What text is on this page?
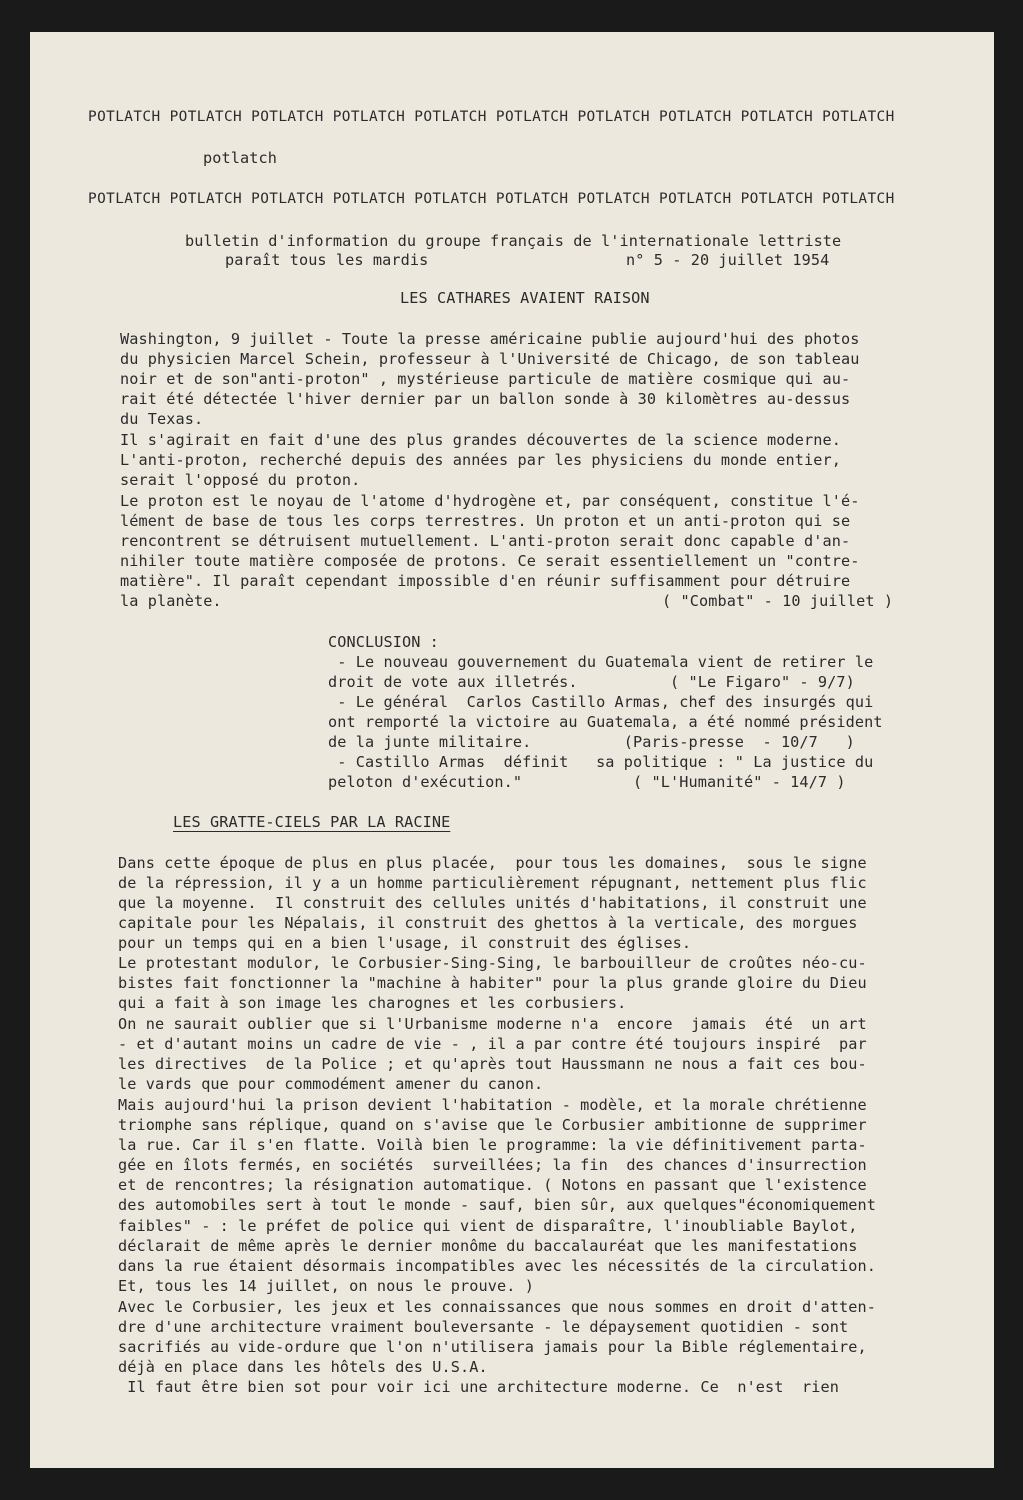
POTLATCH POTLATCH POTLATCH POTLATCH POTLATCH POTLATCH POTLATCH POTLATCH POTLATCH POTLATCH
potlatch
POTLATCH POTLATCH POTLATCH POTLATCH POTLATCH POTLATCH POTLATCH POTLATCH POTLATCH POTLATCH
bulletin d'information du groupe français de l'internationale lettriste
paraît tous les mardis	n° 5 - 20 juillet 1954
LES CATHARES AVAIENT RAISON
Washington, 9 juillet - Toute la presse américaine publie aujourd'hui des photos
du physicien Marcel Schein, professeur à l'Université de Chicago, de son tableau
noir et de son"anti-proton" , mystérieuse particule de matière cosmique qui au-
rait été détectée l'hiver dernier par un ballon sonde à 30 kilomètres au-dessus
du Texas.
Il s'agirait en fait d'une des plus grandes découvertes de la science moderne.
L'anti-proton, recherché depuis des années par les physiciens du monde entier,
serait l'opposé du proton.
Le proton est le noyau de l'atome d'hydrogène et, par conséquent, constitue l'é-
lément de base de tous les corps terrestres. Un proton et un anti-proton qui se
rencontrent se détruisent mutuellement. L'anti-proton serait donc capable d'an-
nihiler toute matière composée de protons. Ce serait essentiellement un "contre-
matière". Il paraît cependant impossible d'en réunir suffisamment pour détruire
la planète.	( "Combat" - 10 juillet )
CONCLUSION :
- Le nouveau gouvernement du Guatemala vient de retirer le
droit de vote aux illetrés.          ( "Le Figaro" - 9/7)
- Le général  Carlos Castillo Armas, chef des insurgés qui
ont remporté la victoire au Guatemala, a été nommé président
de la junte militaire.          (Paris-presse  - 10/7   )
- Castillo Armas  définit   sa politique : " La justice du
peloton d'exécution."            ( "L'Humanité" - 14/7 )
LES GRATTE-CIELS PAR LA RACINE
Dans cette époque de plus en plus placée,  pour tous les domaines,  sous le signe
de la répression, il y a un homme particulièrement répugnant, nettement plus flic
que la moyenne.  Il construit des cellules unités d'habitations, il construit une
capitale pour les Népalais, il construit des ghettos à la verticale, des morgues
pour un temps qui en a bien l'usage, il construit des églises.
Le protestant modulor, le Corbusier-Sing-Sing, le barbouilleur de croûtes néo-cu-
bistes fait fonctionner la "machine à habiter" pour la plus grande gloire du Dieu
qui a fait à son image les charognes et les corbusiers.
On ne saurait oublier que si l'Urbanisme moderne n'a  encore  jamais  été  un art
- et d'autant moins un cadre de vie - , il a par contre été toujours inspiré  par
les directives  de la Police ; et qu'après tout Haussmann ne nous a fait ces bou-
le vards que pour commodément amener du canon.
Mais aujourd'hui la prison devient l'habitation - modèle, et la morale chrétienne
triomphe sans réplique, quand on s'avise que le Corbusier ambitionne de supprimer
la rue. Car il s'en flatte. Voilà bien le programme: la vie définitivement parta-
gée en îlots fermés, en sociétés  surveillées; la fin  des chances d'insurrection
et de rencontres; la résignation automatique. ( Notons en passant que l'existence
des automobiles sert à tout le monde - sauf, bien sûr, aux quelques"économiquement
faibles" - : le préfet de police qui vient de disparaître, l'inoubliable Baylot,
déclarait de même après le dernier monôme du baccalauréat que les manifestations
dans la rue étaient désormais incompatibles avec les nécessités de la circulation.
Et, tous les 14 juillet, on nous le prouve. )
Avec le Corbusier, les jeux et les connaissances que nous sommes en droit d'atten-
dre d'une architecture vraiment bouleversante - le dépaysement quotidien - sont
sacrifiés au vide-ordure que l'on n'utilisera jamais pour la Bible réglementaire,
déjà en place dans les hôtels des U.S.A.
Il faut être bien sot pour voir ici une architecture moderne. Ce  n'est  rien
